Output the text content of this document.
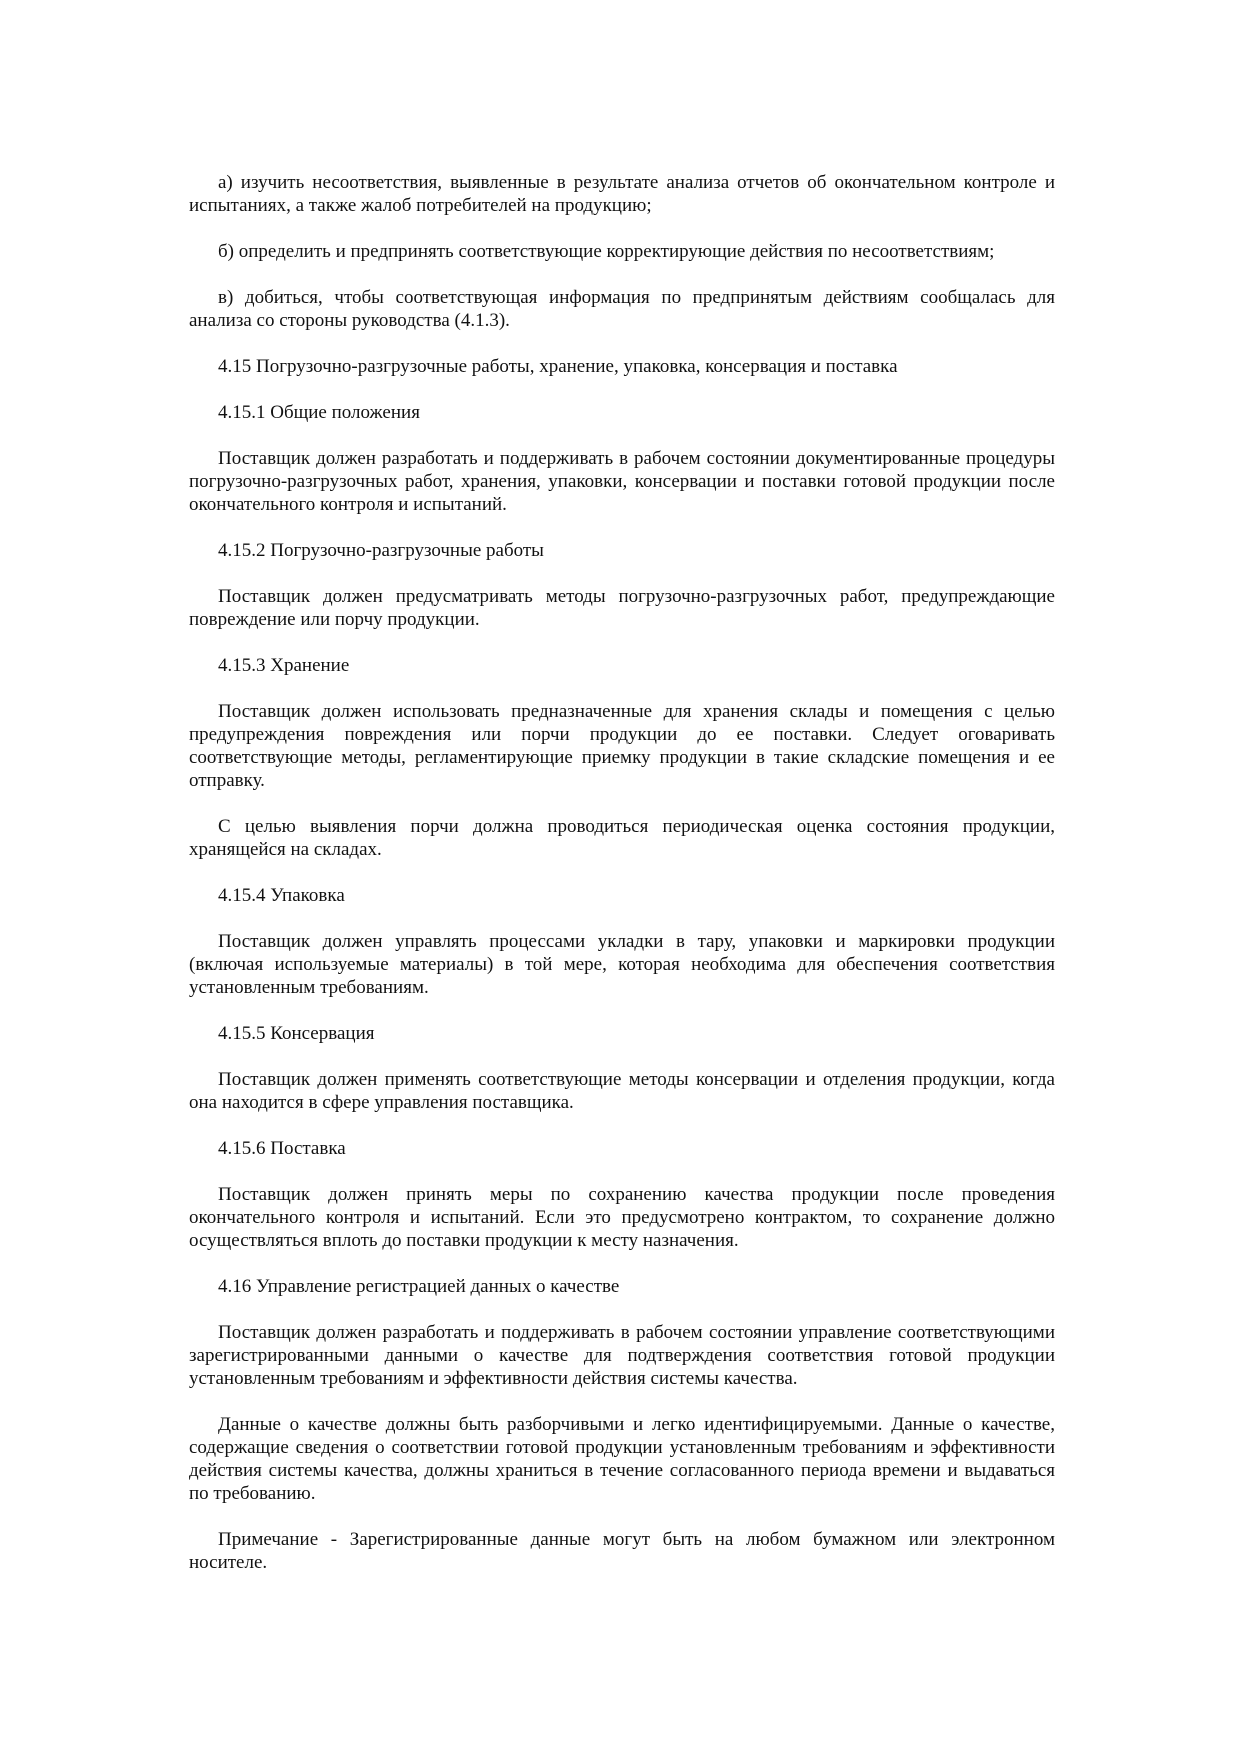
а) изучить несоответствия, выявленные в результате анализа отчетов об окончательном контроле и испытаниях, а также жалоб потребителей на продукцию;

б) определить и предпринять соответствующие корректирующие действия по несоответствиям;

в) добиться, чтобы соответствующая информация по предпринятым действиям сообщалась для анализа со стороны руководства (4.1.3).

4.15 Погрузочно-разгрузочные работы, хранение, упаковка, консервация и поставка

4.15.1 Общие положения

Поставщик должен разработать и поддерживать в рабочем состоянии документированные процедуры погрузочно-разгрузочных работ, хранения, упаковки, консервации и поставки готовой продукции после окончательного контроля и испытаний.

4.15.2 Погрузочно-разгрузочные работы

Поставщик должен предусматривать методы погрузочно-разгрузочных работ, предупреждающие повреждение или порчу продукции.

4.15.3 Хранение

Поставщик должен использовать предназначенные для хранения склады и помещения с целью предупреждения повреждения или порчи продукции до ее поставки. Следует оговаривать соответствующие методы, регламентирующие приемку продукции в такие складские помещения и ее отправку.

С целью выявления порчи должна проводиться периодическая оценка состояния продукции, хранящейся на складах.

4.15.4 Упаковка

Поставщик должен управлять процессами укладки в тару, упаковки и маркировки продукции (включая используемые материалы) в той мере, которая необходима для обеспечения соответствия установленным требованиям.

4.15.5 Консервация

Поставщик должен применять соответствующие методы консервации и отделения продукции, когда она находится в сфере управления поставщика.

4.15.6 Поставка

Поставщик должен принять меры по сохранению качества продукции после проведения окончательного контроля и испытаний. Если это предусмотрено контрактом, то сохранение должно осуществляться вплоть до поставки продукции к месту назначения.

4.16 Управление регистрацией данных о качестве

Поставщик должен разработать и поддерживать в рабочем состоянии управление соответствующими зарегистрированными данными о качестве для подтверждения соответствия готовой продукции установленным требованиям и эффективности действия системы качества.

Данные о качестве должны быть разборчивыми и легко идентифицируемыми. Данные о качестве, содержащие сведения о соответствии готовой продукции установленным требованиям и эффективности действия системы качества, должны храниться в течение согласованного периода времени и выдаваться по требованию.

Примечание - Зарегистрированные данные могут быть на любом бумажном или электронном носителе.
